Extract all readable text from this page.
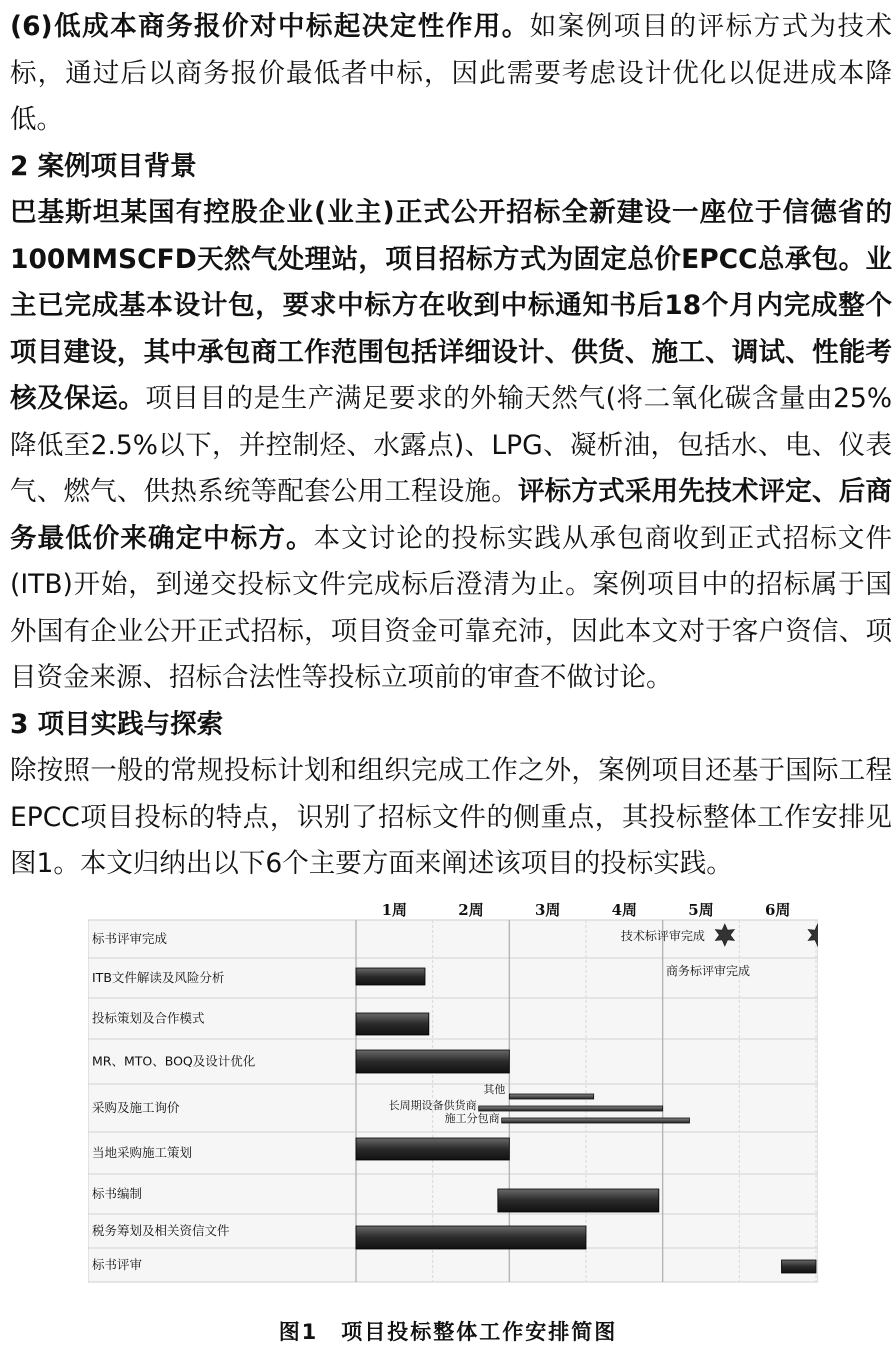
(6)低成本商务报价对中标起决定性作用。如案例项目的评标方式为技术标，通过后以商务报价最低者中标，因此需要考虑设计优化以促进成本降低。

2 案例项目背景

巴基斯坦某国有控股企业(业主)正式公开招标全新建设一座位于信德省的100MMSCFD天然气处理站，项目招标方式为固定总价EPCC总承包。业主已完成基本设计包，要求中标方在收到中标通知书后18个月内完成整个项目建设，其中承包商工作范围包括详细设计、供货、施工、调试、性能考核及保运。项目目的是生产满足要求的外输天然气(将二氧化碳含量由25%降低至2.5%以下，并控制烃、水露点)、LPG、凝析油，包括水、电、仪表气、燃气、供热系统等配套公用工程设施。评标方式采用先技术评定、后商务最低价来确定中标方。本文讨论的投标实践从承包商收到正式招标文件(ITB)开始，到递交投标文件完成标后澄清为止。案例项目中的招标属于国外国有企业公开正式招标，项目资金可靠充沛，因此本文对于客户资信、项目资金来源、招标合法性等投标立项前的审查不做讨论。

3 项目实践与探索

除按照一般的常规投标计划和组织完成工作之外，案例项目还基于国际工程EPCC项目投标的特点，识别了招标文件的侧重点，其投标整体工作安排见图1。本文归纳出以下6个主要方面来阐述该项目的投标实践。

1周	2周	3周	4周	5周	6周
标书评审完成
ITB文件解读及风险分析
投标策划及合作模式
MR、MTO、BOQ及设计优化
采购及施工询价
当地采购施工策划
标书编制
税务筹划及相关资信文件
标书评审
其他
长周期设备供货商
施工分包商
技术标评审完成
商务标评审完成
图1　项目投标整体工作安排简图
